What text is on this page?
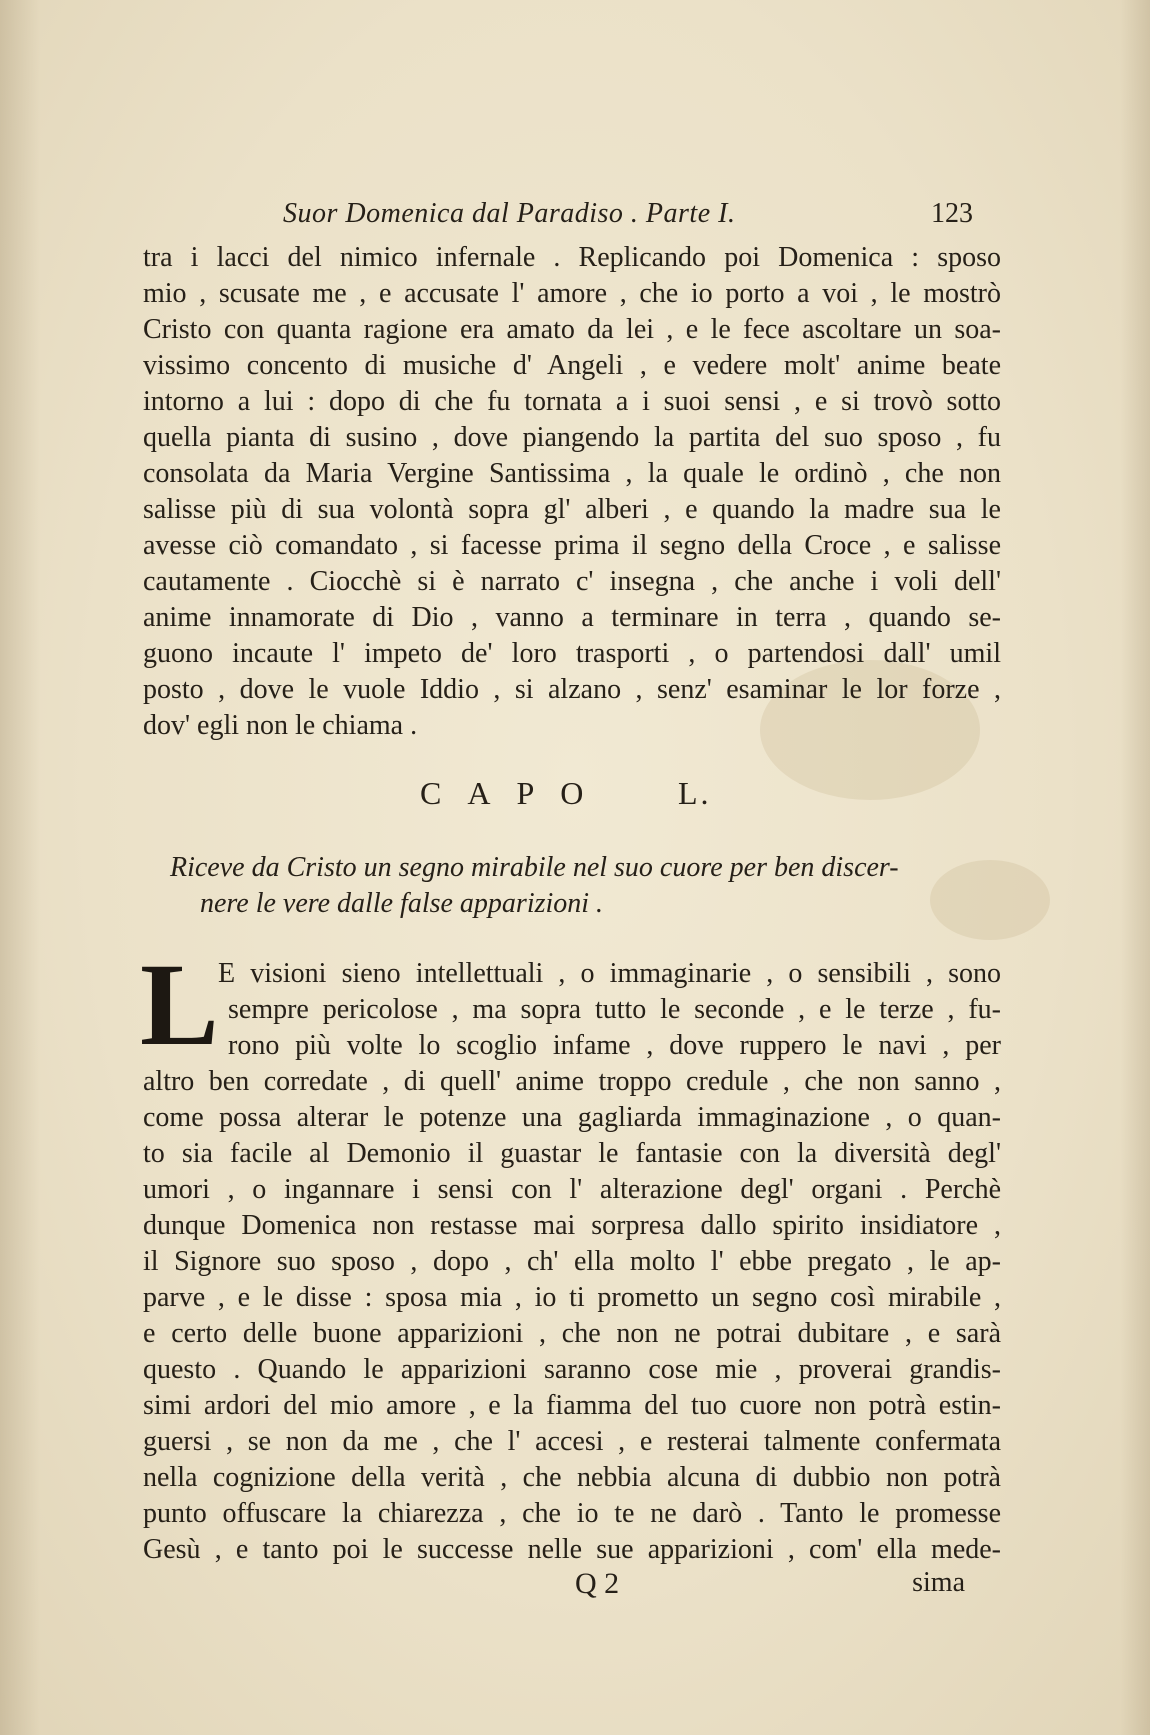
Suor Domenica dal Paradiso . Parte I.	123
tra i lacci del nimico infernale . Replicando poi Domenica : sposo
mio , scusate me , e accusate l' amore , che io porto a voi , le mostrò
Cristo con quanta ragione era amato da lei , e le fece ascoltare un soa-
vissimo concento di musiche d' Angeli , e vedere molt' anime beate
intorno a lui : dopo di che fu tornata a i suoi sensi , e si trovò sotto
quella pianta di susino , dove piangendo la partita del suo sposo , fu
consolata da Maria Vergine Santissima , la quale le ordinò , che non
salisse più di sua volontà sopra gl' alberi , e quando la madre sua le
avesse ciò comandato , si facesse prima il segno della Croce , e salisse
cautamente . Ciocchè si è narrato c' insegna , che anche i voli dell'
anime innamorate di Dio , vanno a terminare in terra , quando se-
guono incaute l' impeto de' loro trasporti , o partendosi dall' umil
posto , dove le vuole Iddio , si alzano , senz' esaminar le lor forze ,
dov' egli non le chiama .
CAPO L.
Riceve da Cristo un segno mirabile nel suo cuore per ben discer-
nere le vere dalle false apparizioni .
L E visioni sieno intellettuali , o immaginarie , o sensibili , sono
sempre pericolose , ma sopra tutto le seconde , e le terze , fu-
rono più volte lo scoglio infame , dove ruppero le navi , per
altro ben corredate , di quell' anime troppo credule , che non sanno ,
come possa alterar le potenze una gagliarda immaginazione , o quan-
to sia facile al Demonio il guastar le fantasie con la diversità degl'
umori , o ingannare i sensi con l' alterazione degl' organi . Perchè
dunque Domenica non restasse mai sorpresa dallo spirito insidiatore ,
il Signore suo sposo , dopo , ch' ella molto l' ebbe pregato , le ap-
parve , e le disse : sposa mia , io ti prometto un segno così mirabile ,
e certo delle buone apparizioni , che non ne potrai dubitare , e sarà
questo . Quando le apparizioni saranno cose mie , proverai grandis-
simi ardori del mio amore , e la fiamma del tuo cuore non potrà estin-
guersi , se non da me , che l' accesi , e resterai talmente confermata
nella cognizione della verità , che nebbia alcuna di dubbio non potrà
punto offuscare la chiarezza , che io te ne darò . Tanto le promesse
Gesù , e tanto poi le successe nelle sue apparizioni , com' ella mede-
Q 2	sima
